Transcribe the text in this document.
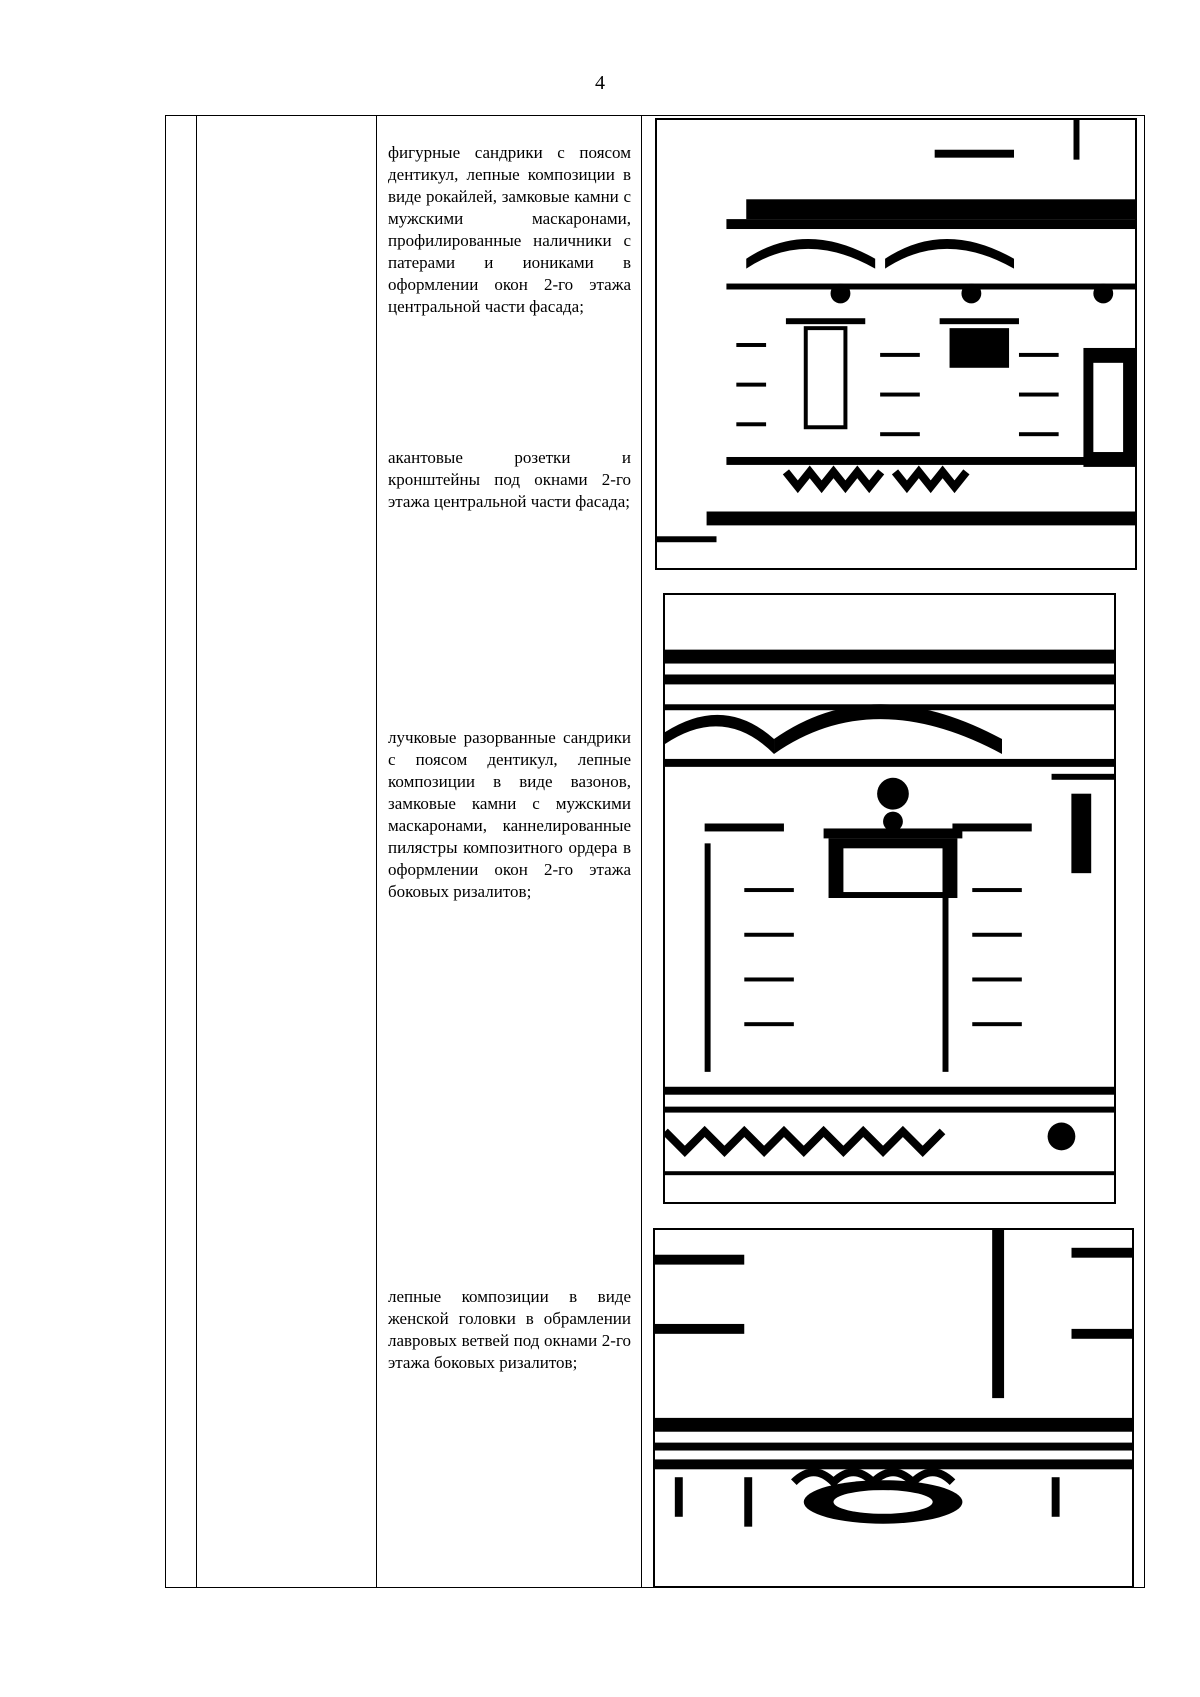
4
фигурные сандрики с поясом дентикул, лепные композиции в виде рокайлей, замковые камни с мужскими маскаронами, профилированные наличники с патерами и иониками в оформлении окон 2-го этажа центральной части фасада;
акантовые розетки и кронштейны под окнами 2-го этажа центральной части фасада;
лучковые разорванные сандрики с поясом дентикул, лепные композиции в виде вазонов, замковые камни с мужскими маскаронами, каннелированные пилястры композитного ордера в оформлении окон 2-го этажа боковых ризалитов;
лепные композиции в виде женской головки в обрамлении лавровых ветвей под окнами 2-го этажа боковых ризалитов;
